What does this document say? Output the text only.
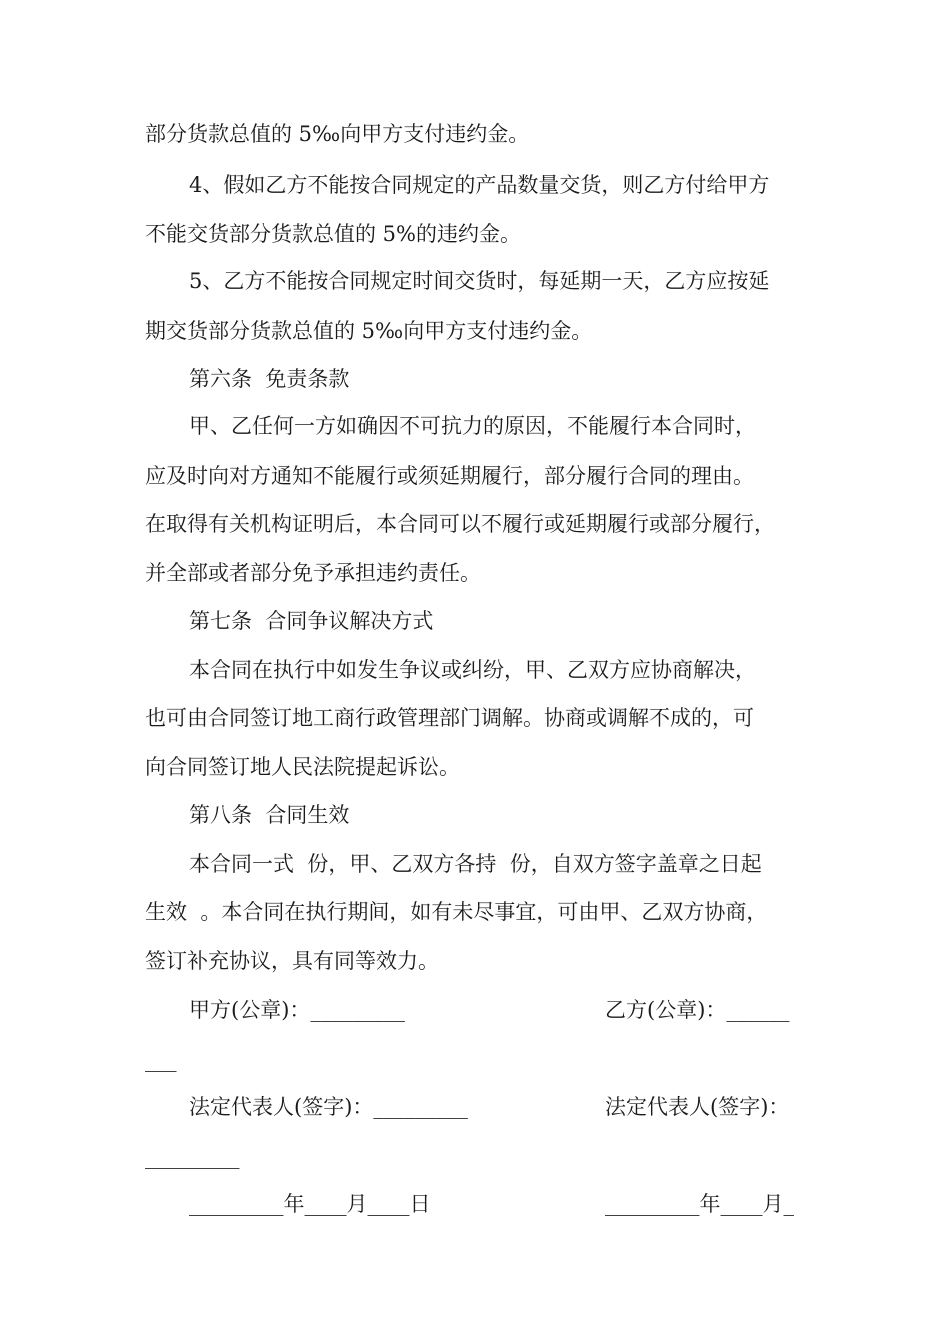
部分货款总值的 5‰向甲方支付违约金。
4、假如乙方不能按合同规定的产品数量交货，则乙方付给甲方
不能交货部分货款总值的 5%的违约金。
5、乙方不能按合同规定时间交货时，每延期一天，乙方应按延
期交货部分货款总值的 5‰向甲方支付违约金。
第六条  免责条款
甲、乙任何一方如确因不可抗力的原因，不能履行本合同时，
应及时向对方通知不能履行或须延期履行，部分履行合同的理由。
在取得有关机构证明后，本合同可以不履行或延期履行或部分履行，
并全部或者部分免予承担违约责任。
第七条  合同争议解决方式
本合同在执行中如发生争议或纠纷，甲、乙双方应协商解决，
也可由合同签订地工商行政管理部门调解。协商或调解不成的，可
向合同签订地人民法院提起诉讼。
第八条  合同生效
本合同一式  份，甲、乙双方各持  份，自双方签字盖章之日起
生效  。本合同在执行期间，如有未尽事宜，可由甲、乙双方协商，
签订补充协议，具有同等效力。
甲方(公章)：_________	乙方(公章)：______
___
法定代表人(签字)：_________	法定代表人(签字)：
_________
_________年____月____日	_________年____月_
